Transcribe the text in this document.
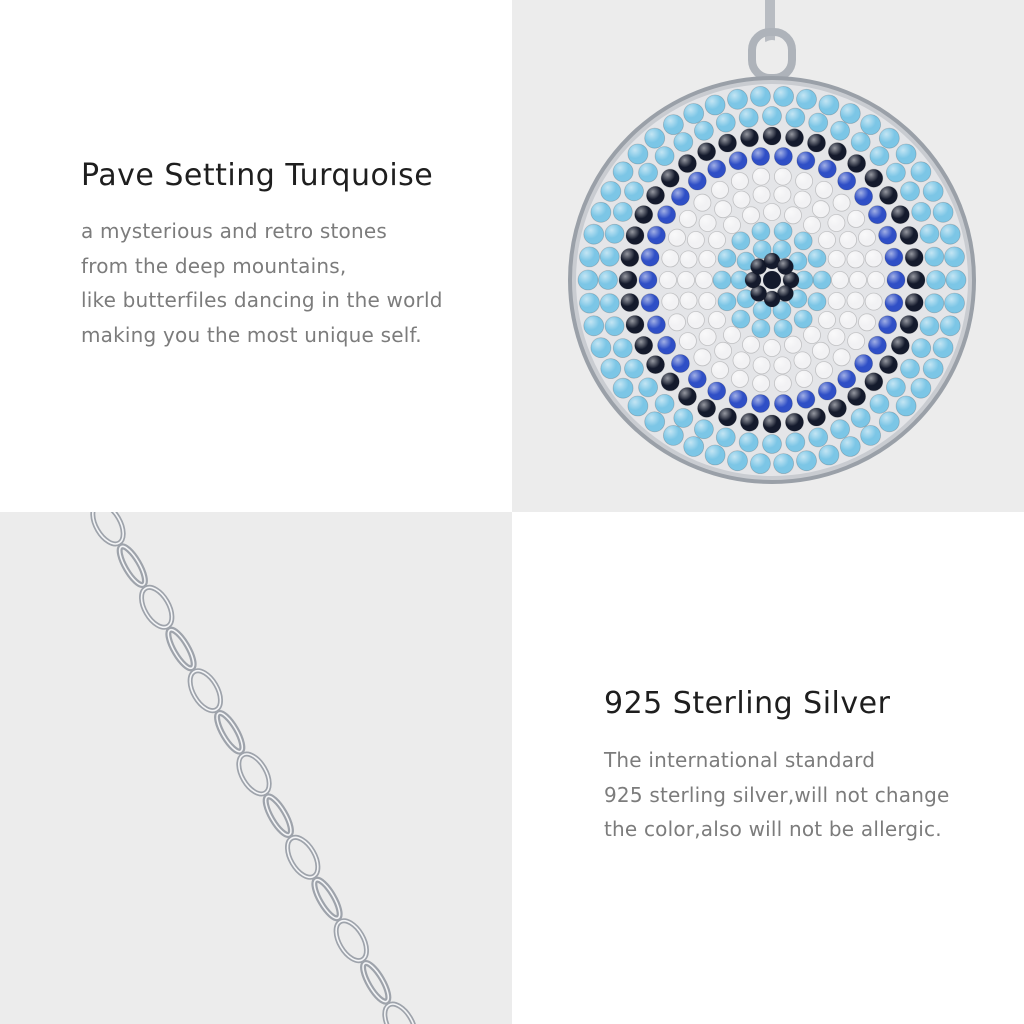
Pave Setting Turquoise
a mysterious and retro stones
from the deep mountains,
like butterfiles dancing in the world
making you the most unique self.
925 Sterling Silver
The international standard
925 sterling silver,will not change
the color,also will not be allergic.
